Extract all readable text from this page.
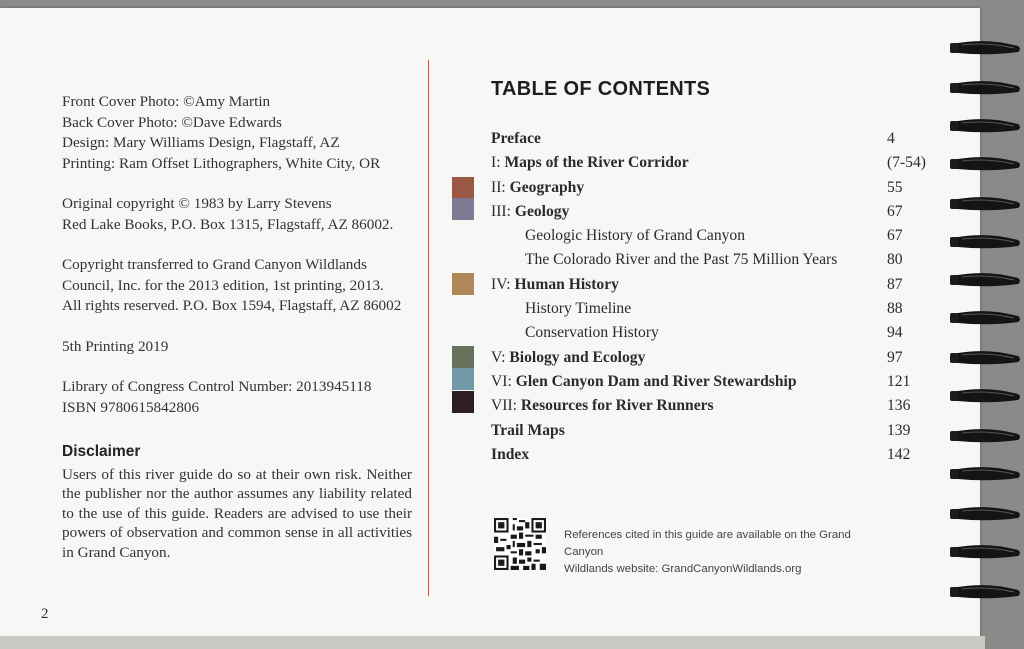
Front Cover Photo: ©Amy Martin
Back Cover Photo: ©Dave Edwards
Design: Mary Williams Design, Flagstaff, AZ
Printing: Ram Offset Lithographers, White City, OR
Original copyright © 1983 by Larry Stevens
Red Lake Books, P.O. Box 1315, Flagstaff, AZ 86002.
Copyright transferred to Grand Canyon Wildlands
Council, Inc. for the 2013 edition, 1st printing, 2013.
All rights reserved. P.O. Box 1594, Flagstaff, AZ 86002
5th Printing 2019
Library of Congress Control Number: 2013945118
ISBN 9780615842806
Disclaimer
Users of this river guide do so at their own risk. Neither the publisher nor the author assumes any liability related to the use of this guide. Readers are advised to use their powers of observation and common sense in all activities in Grand Canyon.
2
TABLE OF CONTENTS
Preface	4
I: Maps of the River Corridor	(7-54)
II: Geography	55
III: Geology	67
Geologic History of Grand Canyon	67
The Colorado River and the Past 75 Million Years	80
IV: Human History	87
History Timeline	88
Conservation History	94
V: Biology and Ecology	97
VI: Glen Canyon Dam and River Stewardship	121
VII: Resources for River Runners	136
Trail Maps	139
Index	142
References cited in this guide are available on the Grand Canyon
Wildlands website: GrandCanyonWildlands.org
